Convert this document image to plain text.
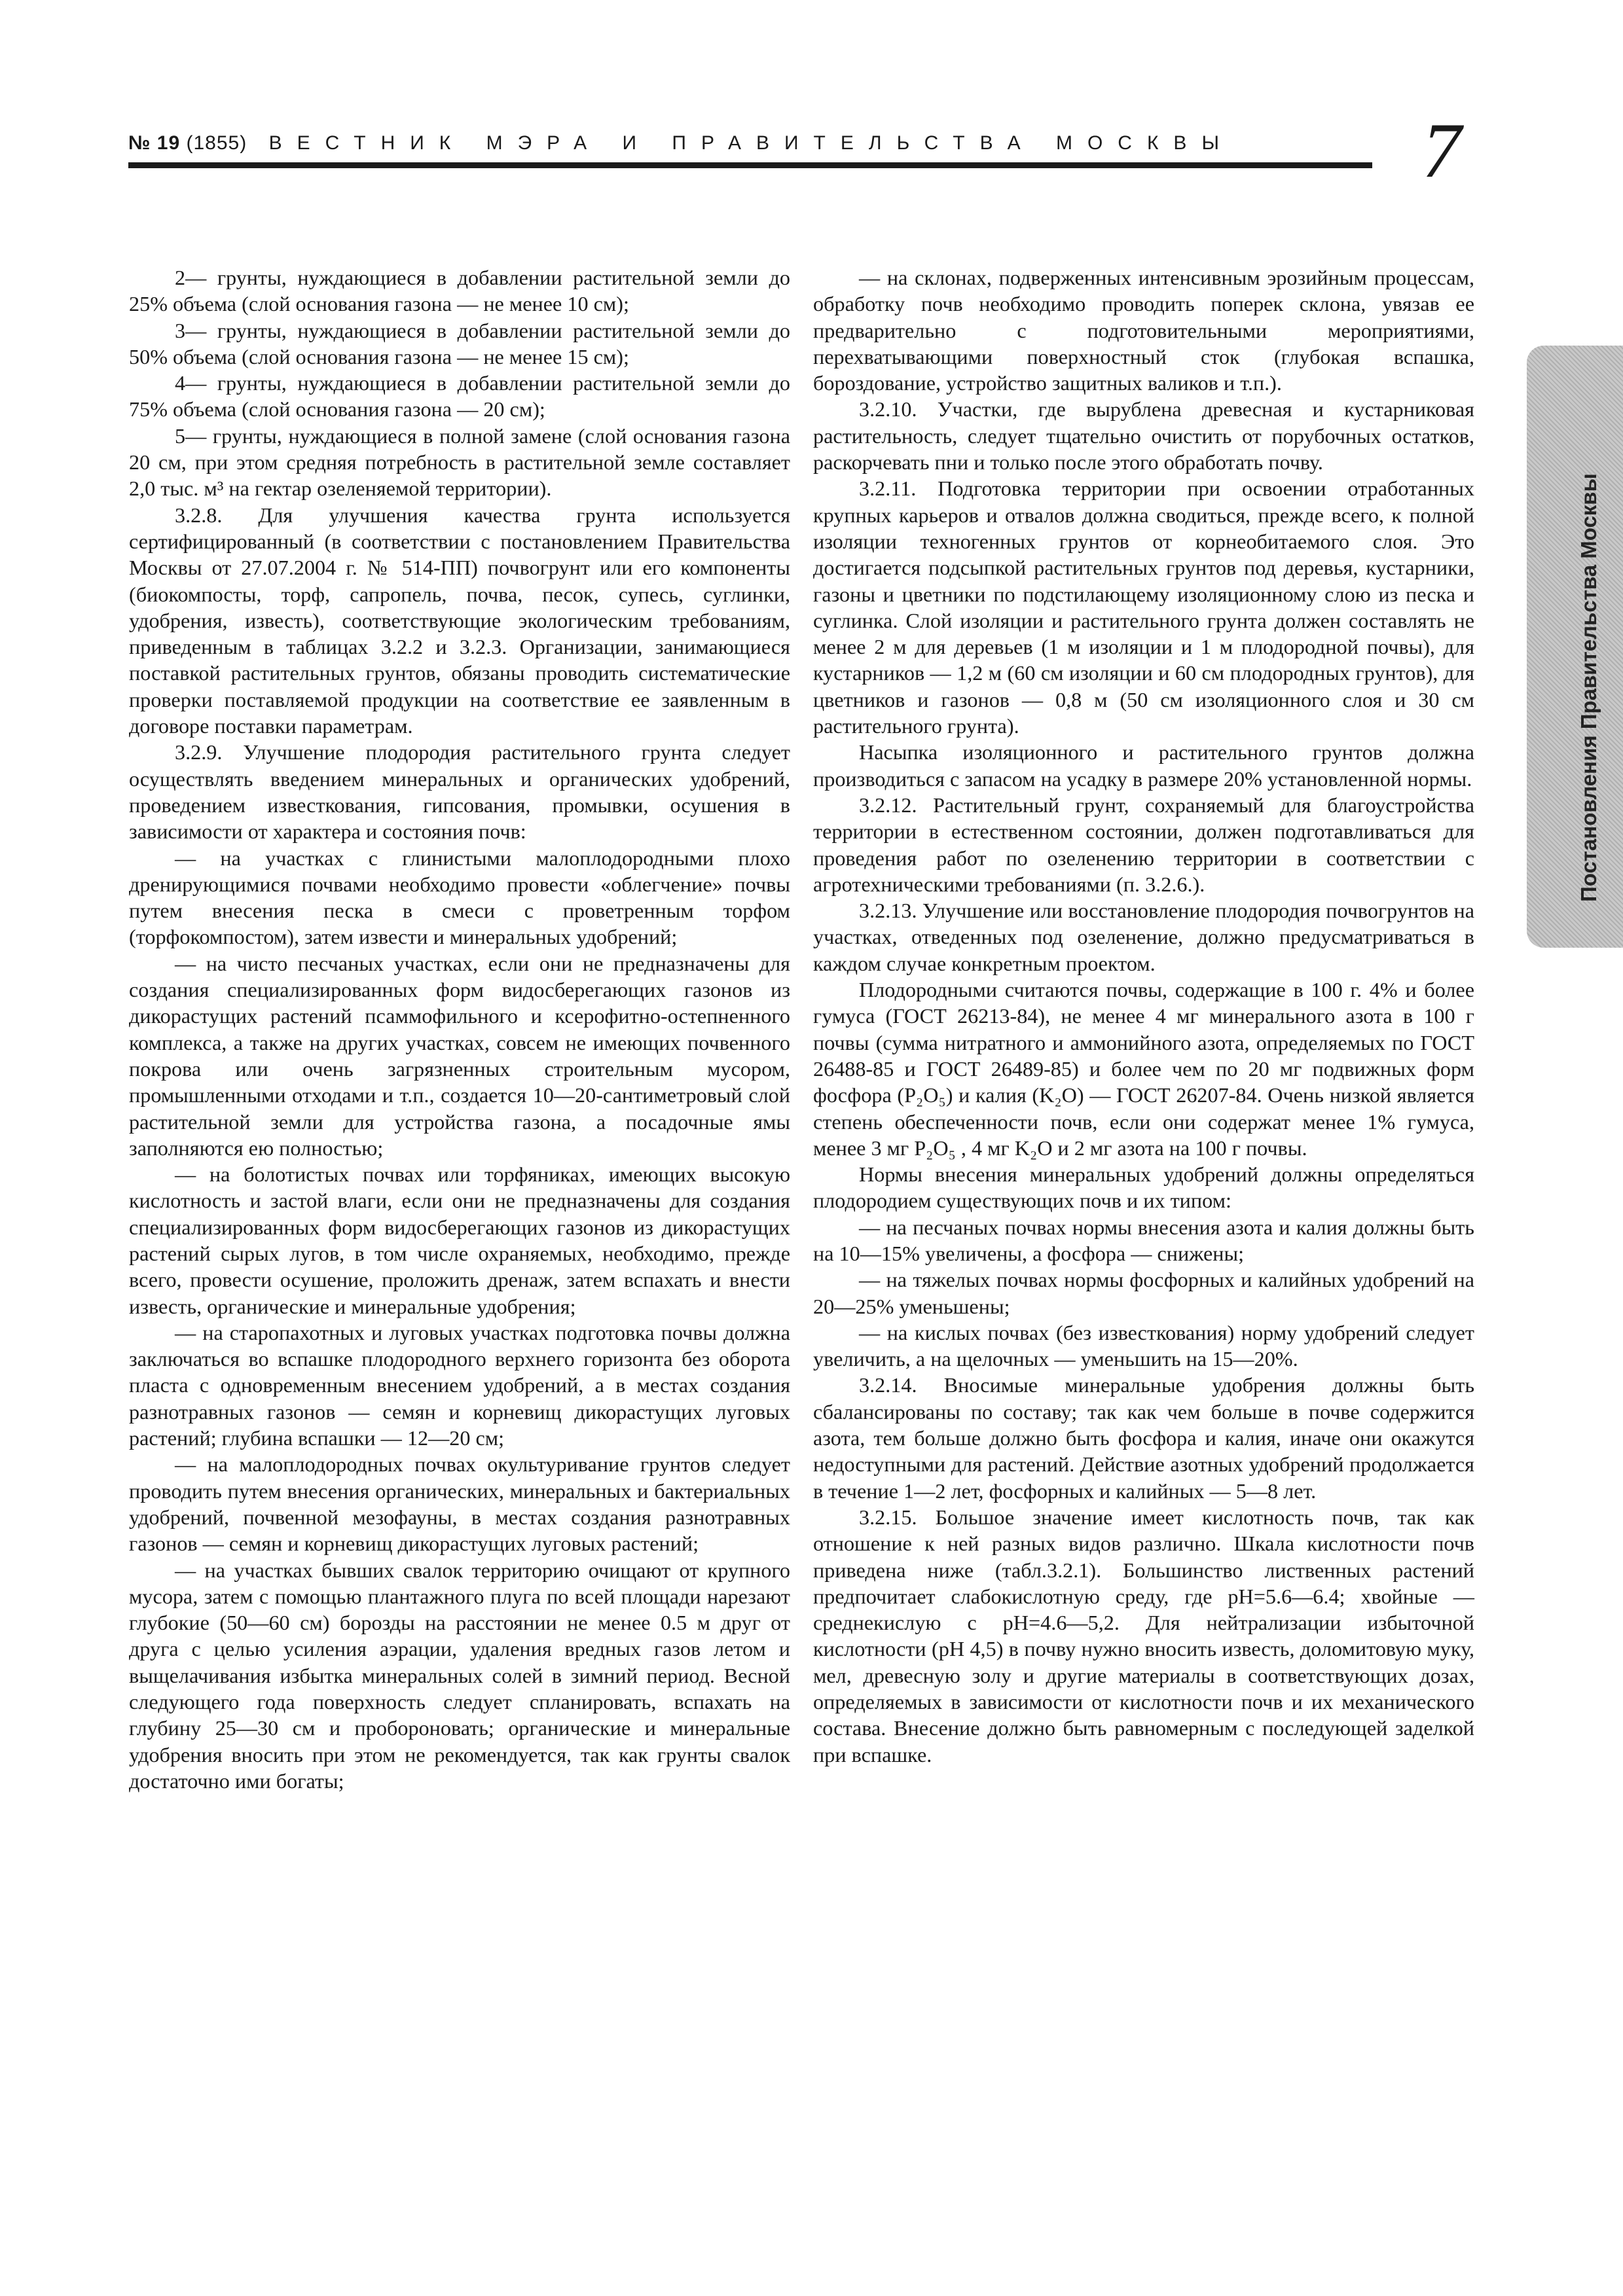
№ 19 (1855) ВЕСТНИК МЭРА И ПРАВИТЕЛЬСТВА МОСКВЫ 7
Постановления Правительства Москвы

2— грунты, нуждающиеся в добавлении растительной земли до 25% объема (слой основания газона — не менее 10 см);

3— грунты, нуждающиеся в добавлении растительной земли до 50% объема (слой основания газона — не менее 15 см);

4— грунты, нуждающиеся в добавлении растительной земли до 75% объема (слой основания газона — 20 см);

5— грунты, нуждающиеся в полной замене (слой основания газона 20 см, при этом средняя потребность в растительной земле составляет 2,0 тыс. м³ на гектар озеленяемой территории).

3.2.8. Для улучшения качества грунта используется сертифицированный (в соответствии с постановлением Правительства Москвы от 27.07.2004 г. № 514-ПП) почвогрунт или его компоненты (биокомпосты, торф, сапропель, почва, песок, супесь, суглинки, удобрения, известь), соответствующие экологическим требованиям, приведенным в таблицах 3.2.2 и 3.2.3. Организации, занимающиеся поставкой растительных грунтов, обязаны проводить систематические проверки поставляемой продукции на соответствие ее заявленным в договоре поставки параметрам.

3.2.9. Улучшение плодородия растительного грунта следует осуществлять введением минеральных и органических удобрений, проведением известкования, гипсования, промывки, осушения в зависимости от характера и состояния почв:

— на участках с глинистыми малоплодородными плохо дренирующимися почвами необходимо провести «облегчение» почвы путем внесения песка в смеси с проветренным торфом (торфокомпостом), затем извести и минеральных удобрений;

— на чисто песчаных участках, если они не предназначены для создания специализированных форм видосберегающих газонов из дикорастущих растений псаммофильного и ксерофитно-остепненного комплекса, а также на других участках, совсем не имеющих почвенного покрова или очень загрязненных строительным мусором, промышленными отходами и т.п., создается 10—20-сантиметровый слой растительной земли для устройства газона, а посадочные ямы заполняются ею полностью;

— на болотистых почвах или торфяниках, имеющих высокую кислотность и застой влаги, если они не предназначены для создания специализированных форм видосберегающих газонов из дикорастущих растений сырых лугов, в том числе охраняемых, необходимо, прежде всего, провести осушение, проложить дренаж, затем вспахать и внести известь, органические и минеральные удобрения;

— на старопахотных и луговых участках подготовка почвы должна заключаться во вспашке плодородного верхнего горизонта без оборота пласта с одновременным внесением удобрений, а в местах создания разнотравных газонов — семян и корневищ дикорастущих луговых растений; глубина вспашки — 12—20 см;

— на малоплодородных почвах окультуривание грунтов следует проводить путем внесения органических, минеральных и бактериальных удобрений, почвенной мезофауны, в местах создания разнотравных газонов — семян и корневищ дикорастущих луговых растений;

— на участках бывших свалок территорию очищают от крупного мусора, затем с помощью плантажного плуга по всей площади нарезают глубокие (50—60 см) борозды на расстоянии не менее 0.5 м друг от друга с целью усиления аэрации, удаления вредных газов летом и выщелачивания избытка минеральных солей в зимний период. Весной следующего года поверхность следует спланировать, вспахать на глубину 25—30 см и пробороновать; органические и минеральные удобрения вносить при этом не рекомендуется, так как грунты свалок достаточно ими богаты;

— на склонах, подверженных интенсивным эрозийным процессам, обработку почв необходимо проводить поперек склона, увязав ее предварительно с подготовительными мероприятиями, перехватывающими поверхностный сток (глубокая вспашка, бороздование, устройство защитных валиков и т.п.).

3.2.10. Участки, где вырублена древесная и кустарниковая растительность, следует тщательно очистить от порубочных остатков, раскорчевать пни и только после этого обработать почву.

3.2.11. Подготовка территории при освоении отработанных крупных карьеров и отвалов должна сводиться, прежде всего, к полной изоляции техногенных грунтов от корнеобитаемого слоя. Это достигается подсыпкой растительных грунтов под деревья, кустарники, газоны и цветники по подстилающему изоляционному слою из песка и суглинка. Слой изоляции и растительного грунта должен составлять не менее 2 м для деревьев (1 м изоляции и 1 м плодородной почвы), для кустарников — 1,2 м (60 см изоляции и 60 см плодородных грунтов), для цветников и газонов — 0,8 м (50 см изоляционного слоя и 30 см растительного грунта).

Насыпка изоляционного и растительного грунтов должна производиться с запасом на усадку в размере 20% установленной нормы.

3.2.12. Растительный грунт, сохраняемый для благоустройства территории в естественном состоянии, должен подготавливаться для проведения работ по озеленению территории в соответствии с агротехническими требованиями (п. 3.2.6.).

3.2.13. Улучшение или восстановление плодородия почвогрунтов на участках, отведенных под озеленение, должно предусматриваться в каждом случае конкретным проектом.

Плодородными считаются почвы, содержащие в 100 г. 4% и более гумуса (ГОСТ 26213-84), не менее 4 мг минерального азота в 100 г почвы (сумма нитратного и аммонийного азота, определяемых по ГОСТ 26488-85 и ГОСТ 26489-85) и более чем по 20 мг подвижных форм фосфора (P₂O₅) и калия (K₂O) — ГОСТ 26207-84. Очень низкой является степень обеспеченности почв, если они содержат менее 1% гумуса, менее 3 мг P₂O₅ , 4 мг K₂O и 2 мг азота на 100 г почвы.

Нормы внесения минеральных удобрений должны определяться плодородием существующих почв и их типом:

— на песчаных почвах нормы внесения азота и калия должны быть на 10—15% увеличены, а фосфора — снижены;

— на тяжелых почвах нормы фосфорных и калийных удобрений на 20—25% уменьшены;

— на кислых почвах (без известкования) норму удобрений следует увеличить, а на щелочных — уменьшить на 15—20%.

3.2.14. Вносимые минеральные удобрения должны быть сбалансированы по составу; так как чем больше в почве содержится азота, тем больше должно быть фосфора и калия, иначе они окажутся недоступными для растений. Действие азотных удобрений продолжается в течение 1—2 лет, фосфорных и калийных — 5—8 лет.

3.2.15. Большое значение имеет кислотность почв, так как отношение к ней разных видов различно. Шкала кислотности почв приведена ниже (табл.3.2.1). Большинство лиственных растений предпочитает слабокислотную среду, где pH=5.6—6.4; хвойные — среднекислую с pH=4.6—5,2. Для нейтрализации избыточной кислотности (pH 4,5) в почву нужно вносить известь, доломитовую муку, мел, древесную золу и другие материалы в соответствующих дозах, определяемых в зависимости от кислотности почв и их механического состава. Внесение должно быть равномерным с последующей заделкой при вспашке.
